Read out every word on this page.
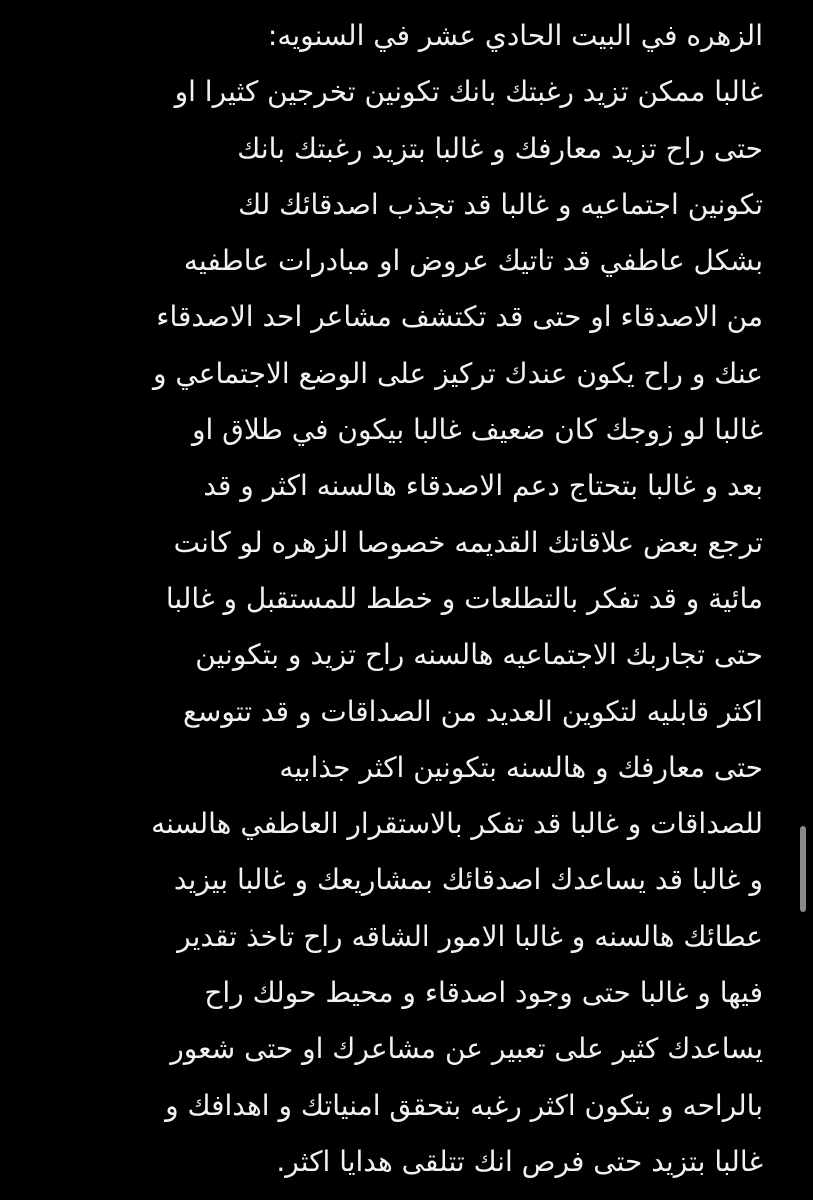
الزهره في البيت الحادي عشر في السنويه:
غالبا ممكن تزيد رغبتك بانك تكونين تخرجين كثيرا او
حتى راح تزيد معارفك و غالبا بتزيد رغبتك بانك
تكونين اجتماعيه و غالبا قد تجذب اصدقائك لك
بشكل عاطفي قد تاتيك عروض او مبادرات عاطفيه
من الاصدقاء او حتى قد تكتشف مشاعر احد الاصدقاء
عنك و راح يكون عندك تركيز على الوضع الاجتماعي و
غالبا لو زوجك كان ضعيف غالبا بيكون في طلاق او
بعد و غالبا بتحتاج دعم الاصدقاء هالسنه اكثر و قد
ترجع بعض علاقاتك القديمه خصوصا الزهره لو كانت
مائية و قد تفكر بالتطلعات و خطط للمستقبل و غالبا
حتى تجاربك الاجتماعيه هالسنه راح تزيد و بتكونين
اكثر قابليه لتكوين العديد من الصداقات و قد تتوسع
حتى معارفك و هالسنه بتكونين اكثر جذابيه
للصداقات و غالبا قد تفكر بالاستقرار العاطفي هالسنه
و غالبا قد يساعدك اصدقائك بمشاريعك و غالبا بيزيد
عطائك هالسنه و غالبا الامور الشاقه راح تاخذ تقدير
فيها و غالبا حتى وجود اصدقاء و محيط حولك راح
يساعدك كثير على تعبير عن مشاعرك او حتى شعور
بالراحه و بتكون اكثر رغبه بتحقق امنياتك و اهدافك و
غالبا بتزيد حتى فرص انك تتلقى هدايا اكثر.
